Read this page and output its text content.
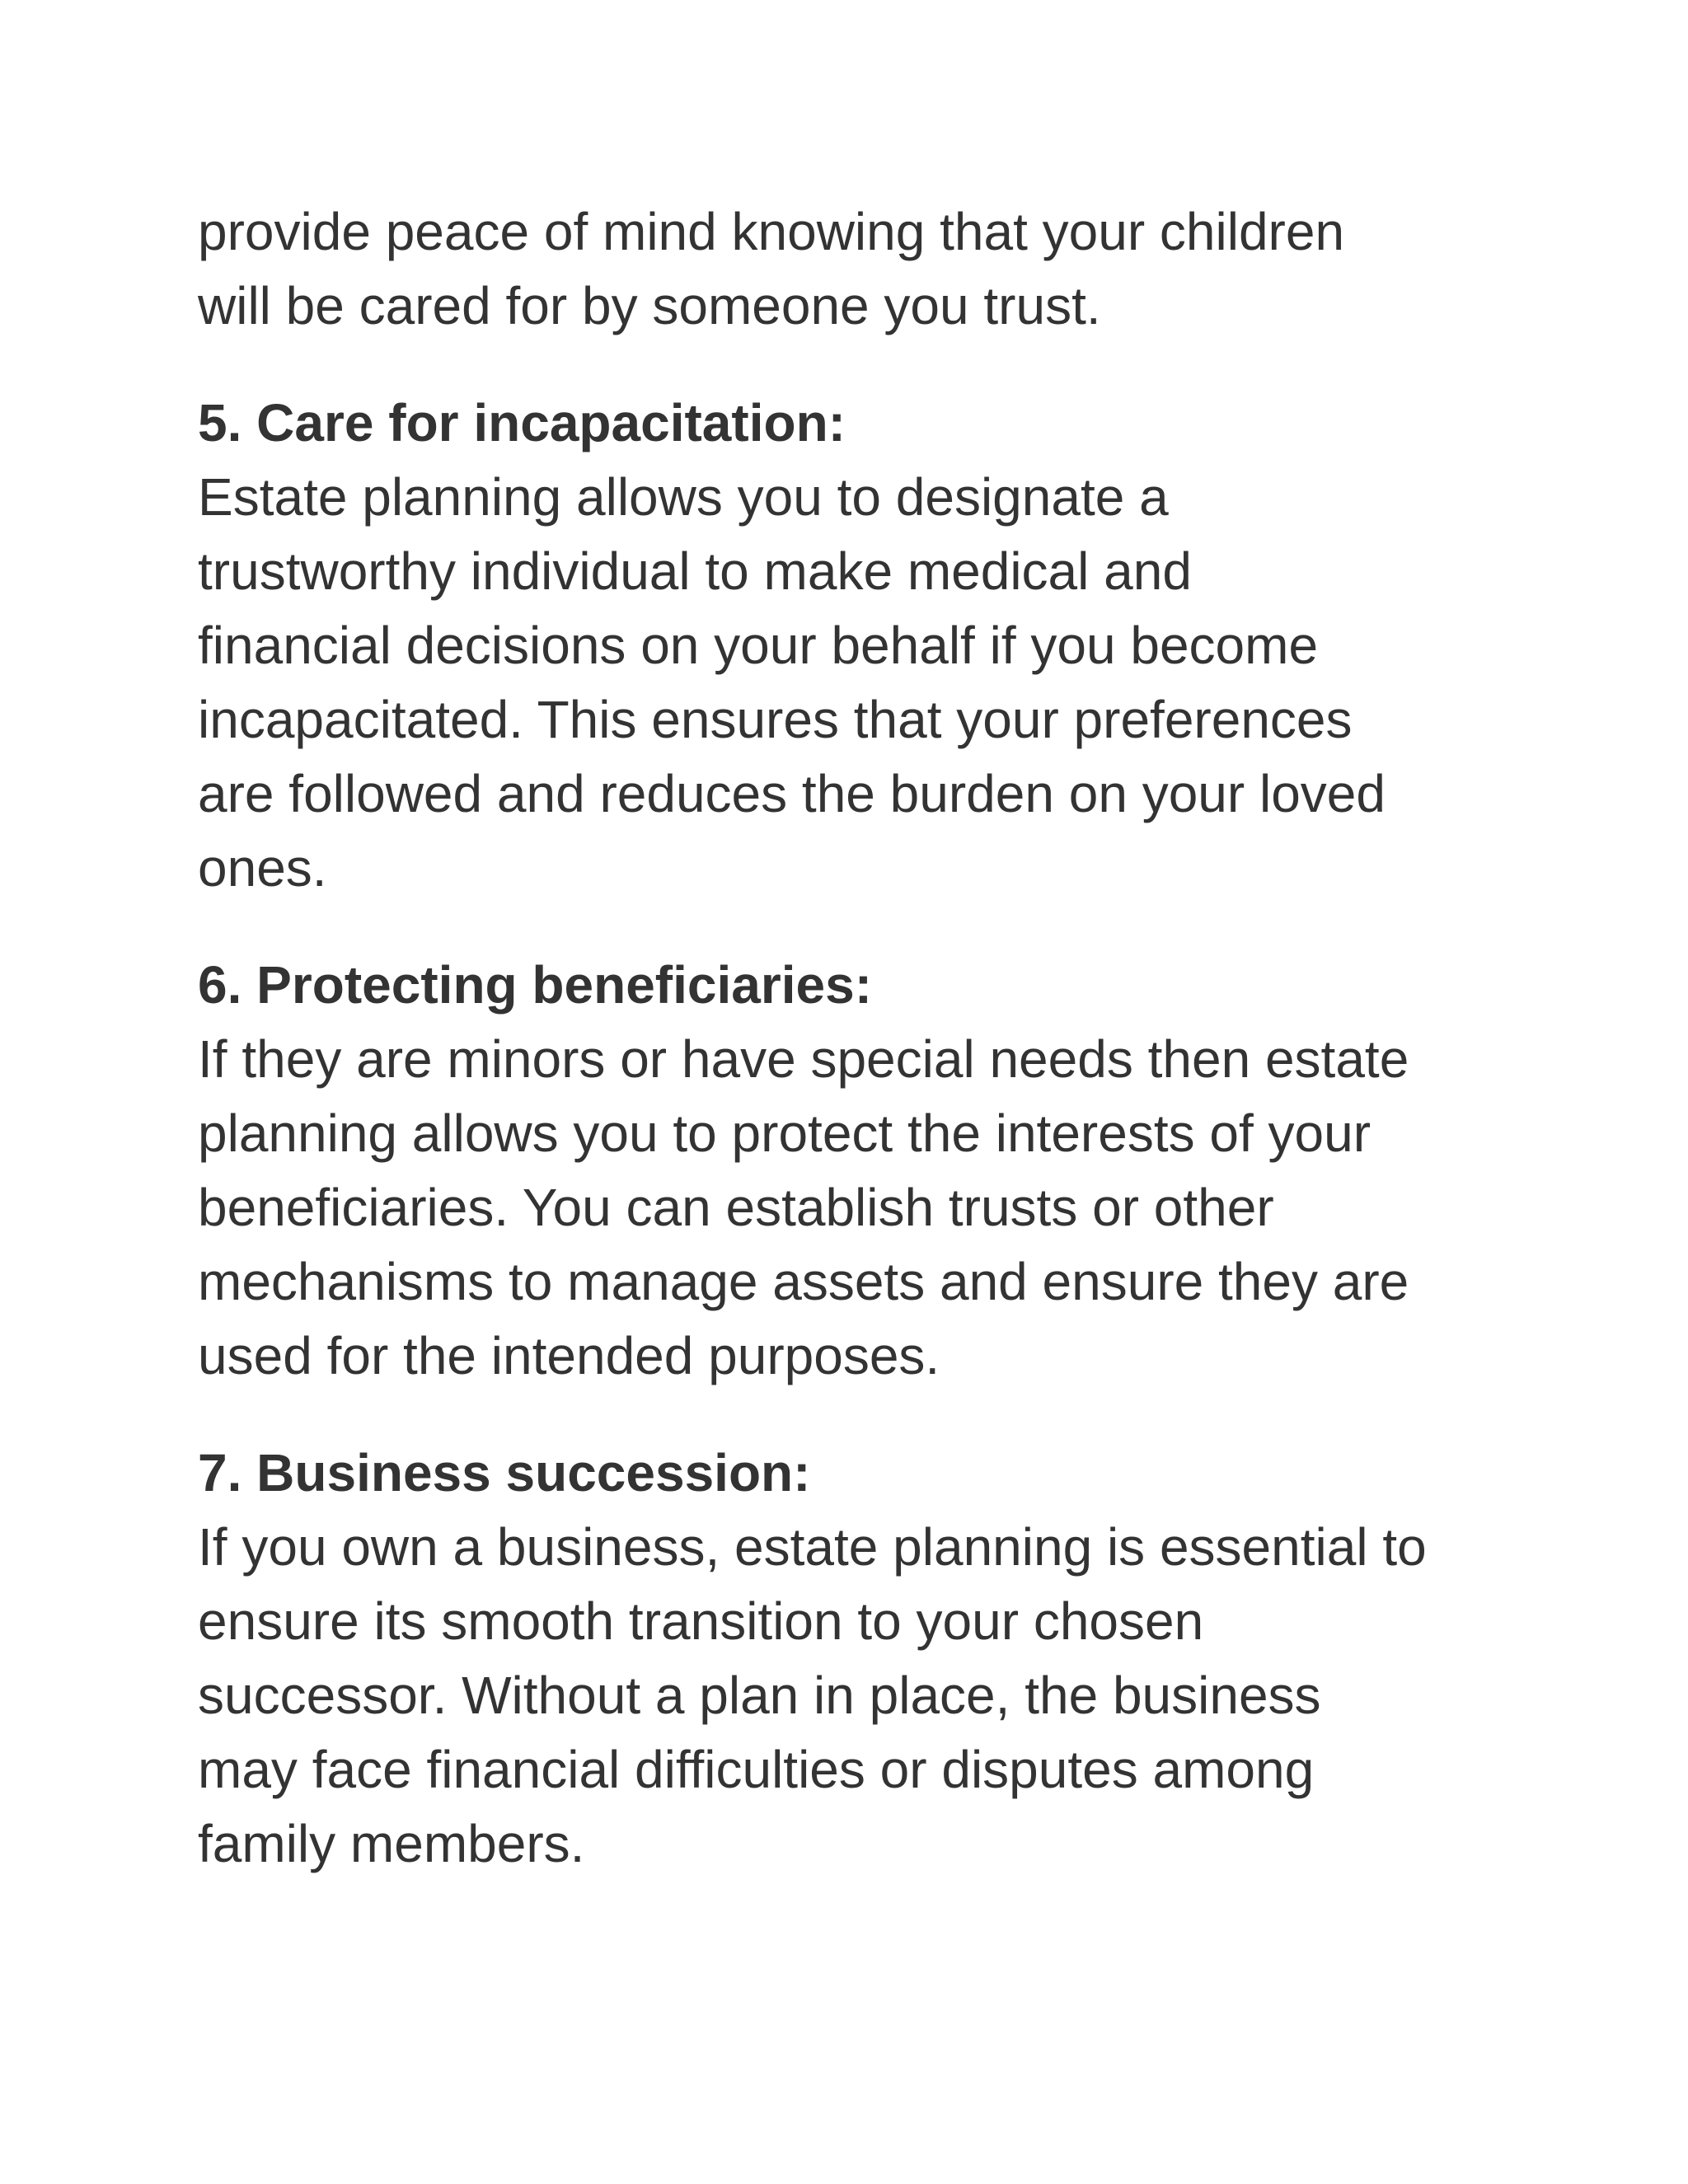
provide peace of mind knowing that your children
will be cared for by someone you trust.
5. Care for incapacitation:
Estate planning allows you to designate a
trustworthy individual to make medical and
financial decisions on your behalf if you become
incapacitated. This ensures that your preferences
are followed and reduces the burden on your loved
ones.
6. Protecting beneficiaries:
If they are minors or have special needs then estate
planning allows you to protect the interests of your
beneficiaries. You can establish trusts or other
mechanisms to manage assets and ensure they are
used for the intended purposes.
7. Business succession:
If you own a business, estate planning is essential to
ensure its smooth transition to your chosen
successor. Without a plan in place, the business
may face financial difficulties or disputes among
family members.
